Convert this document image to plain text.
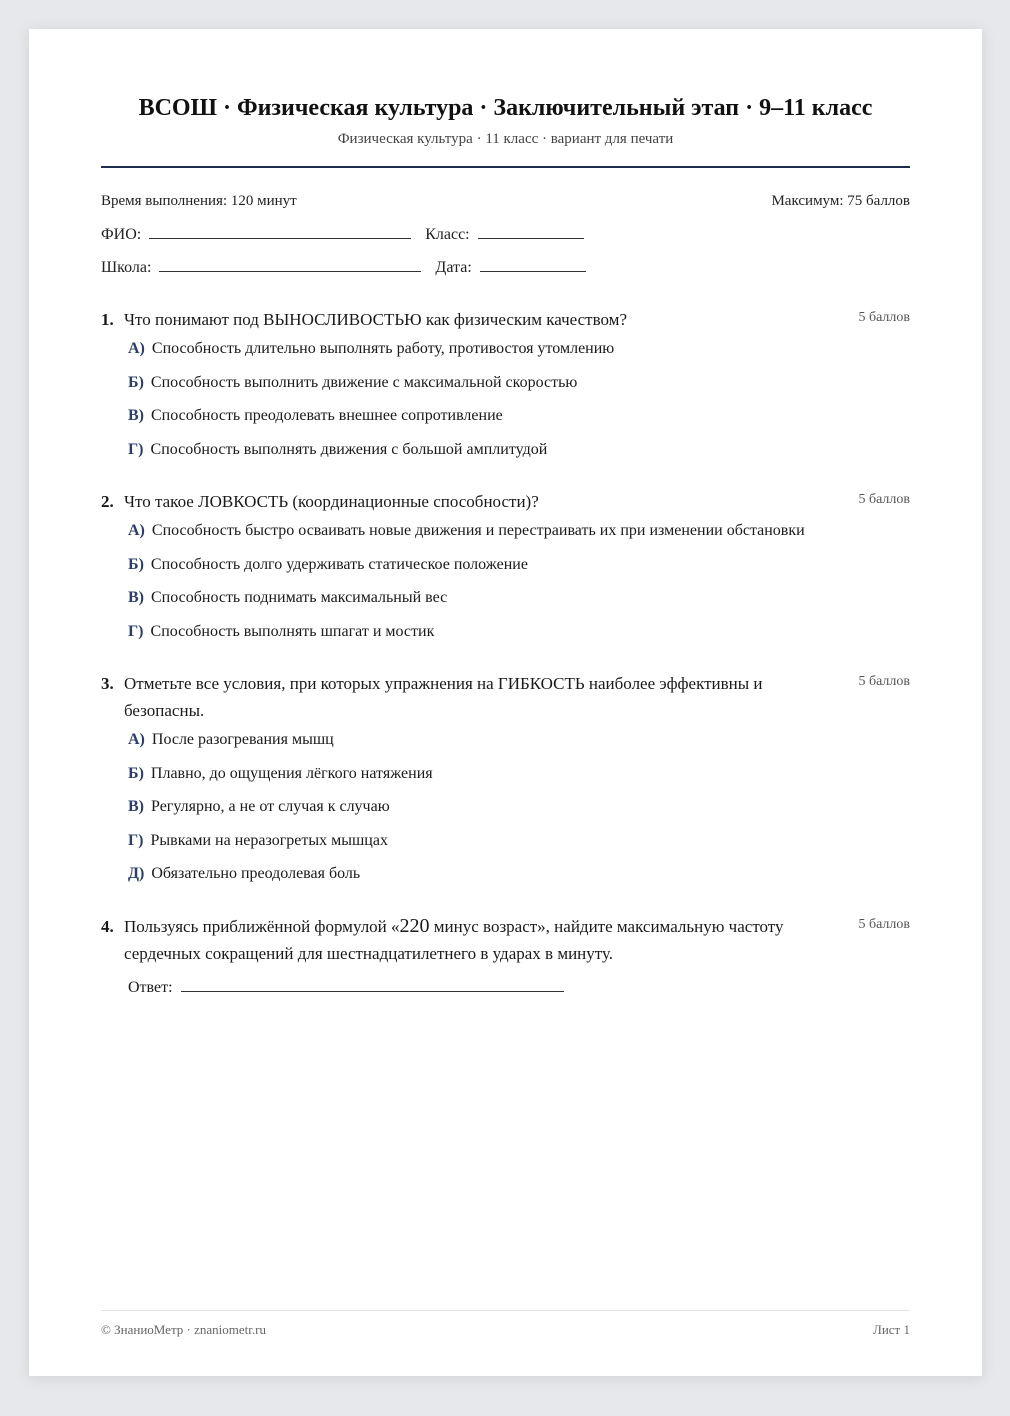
ВСОШ · Физическая культура · Заключительный этап · 9–11 класс
Физическая культура · 11 класс · вариант для печати
Время выполнения: 120 минут	Максимум: 75 баллов
ФИО:	Класс:
Школа:	Дата:
1. Что понимают под ВЫНОСЛИВОСТЬЮ как физическим качеством?	5 баллов
А) Способность длительно выполнять работу, противостоя утомлению
Б) Способность выполнить движение с максимальной скоростью
В) Способность преодолевать внешнее сопротивление
Г) Способность выполнять движения с большой амплитудой
2. Что такое ЛОВКОСТЬ (координационные способности)?	5 баллов
А) Способность быстро осваивать новые движения и перестраивать их при изменении обстановки
Б) Способность долго удерживать статическое положение
В) Способность поднимать максимальный вес
Г) Способность выполнять шпагат и мостик
3. Отметьте все условия, при которых упражнения на ГИБКОСТЬ наиболее эффективны и безопасны.
5 баллов
А) После разогревания мышц
Б) Плавно, до ощущения лёгкого натяжения
В) Регулярно, а не от случая к случаю
Г) Рывками на неразогретых мышцах
Д) Обязательно преодолевая боль
4. Пользуясь приближённой формулой «220 минус возраст», найдите максимальную частоту сердечных сокращений для шестнадцатилетнего в ударах в минуту.
5 баллов
Ответ:
© ЗнаниоМетр · znaniometr.ru	Лист 1
